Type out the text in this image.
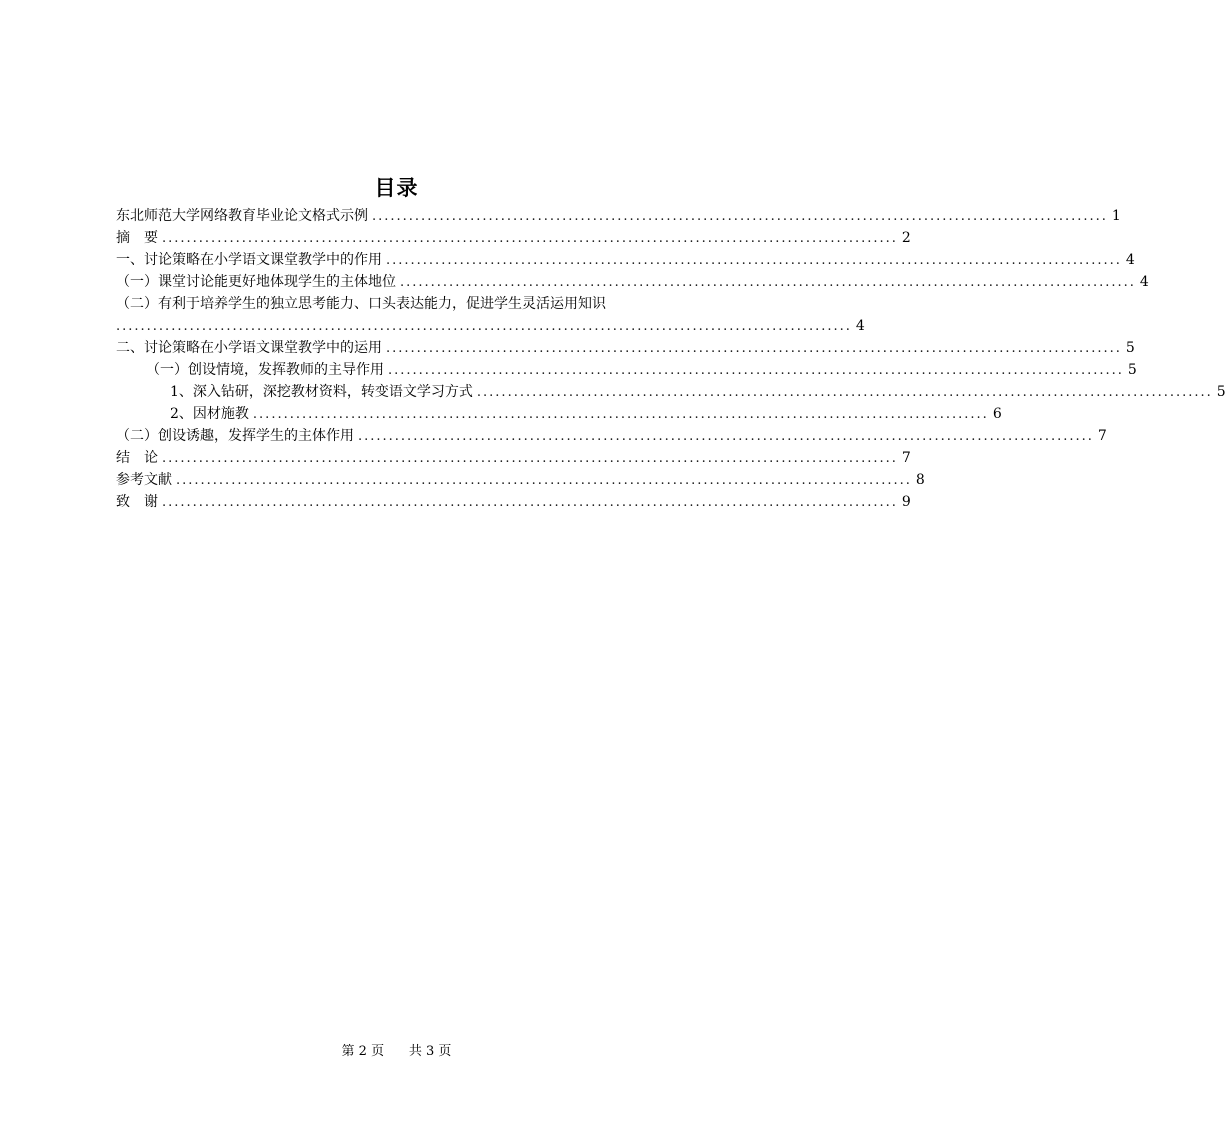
目录
东北师范大学网络教育毕业论文格式示例 ........................................................................................................................ 1
摘　要 ........................................................................................................................ 2
一、讨论策略在小学语文课堂教学中的作用 ........................................................................................................................ 4
（一）课堂讨论能更好地体现学生的主体地位 ........................................................................................................................ 4
（二）有利于培养学生的独立思考能力、口头表达能力，促进学生灵活运用知识
........................................................................................................................ 4
二、讨论策略在小学语文课堂教学中的运用 ........................................................................................................................ 5
（一）创设情境，发挥教师的主导作用 ........................................................................................................................ 5
1、深入钻研，深挖教材资料，转变语文学习方式 ........................................................................................................................ 5
2、因材施教 ........................................................................................................................ 6
（二）创设诱趣，发挥学生的主体作用 ........................................................................................................................ 7
结　论 ........................................................................................................................ 7
参考文献 ........................................................................................................................ 8
致　谢 ........................................................................................................................ 9
第 2 页 共 3 页
